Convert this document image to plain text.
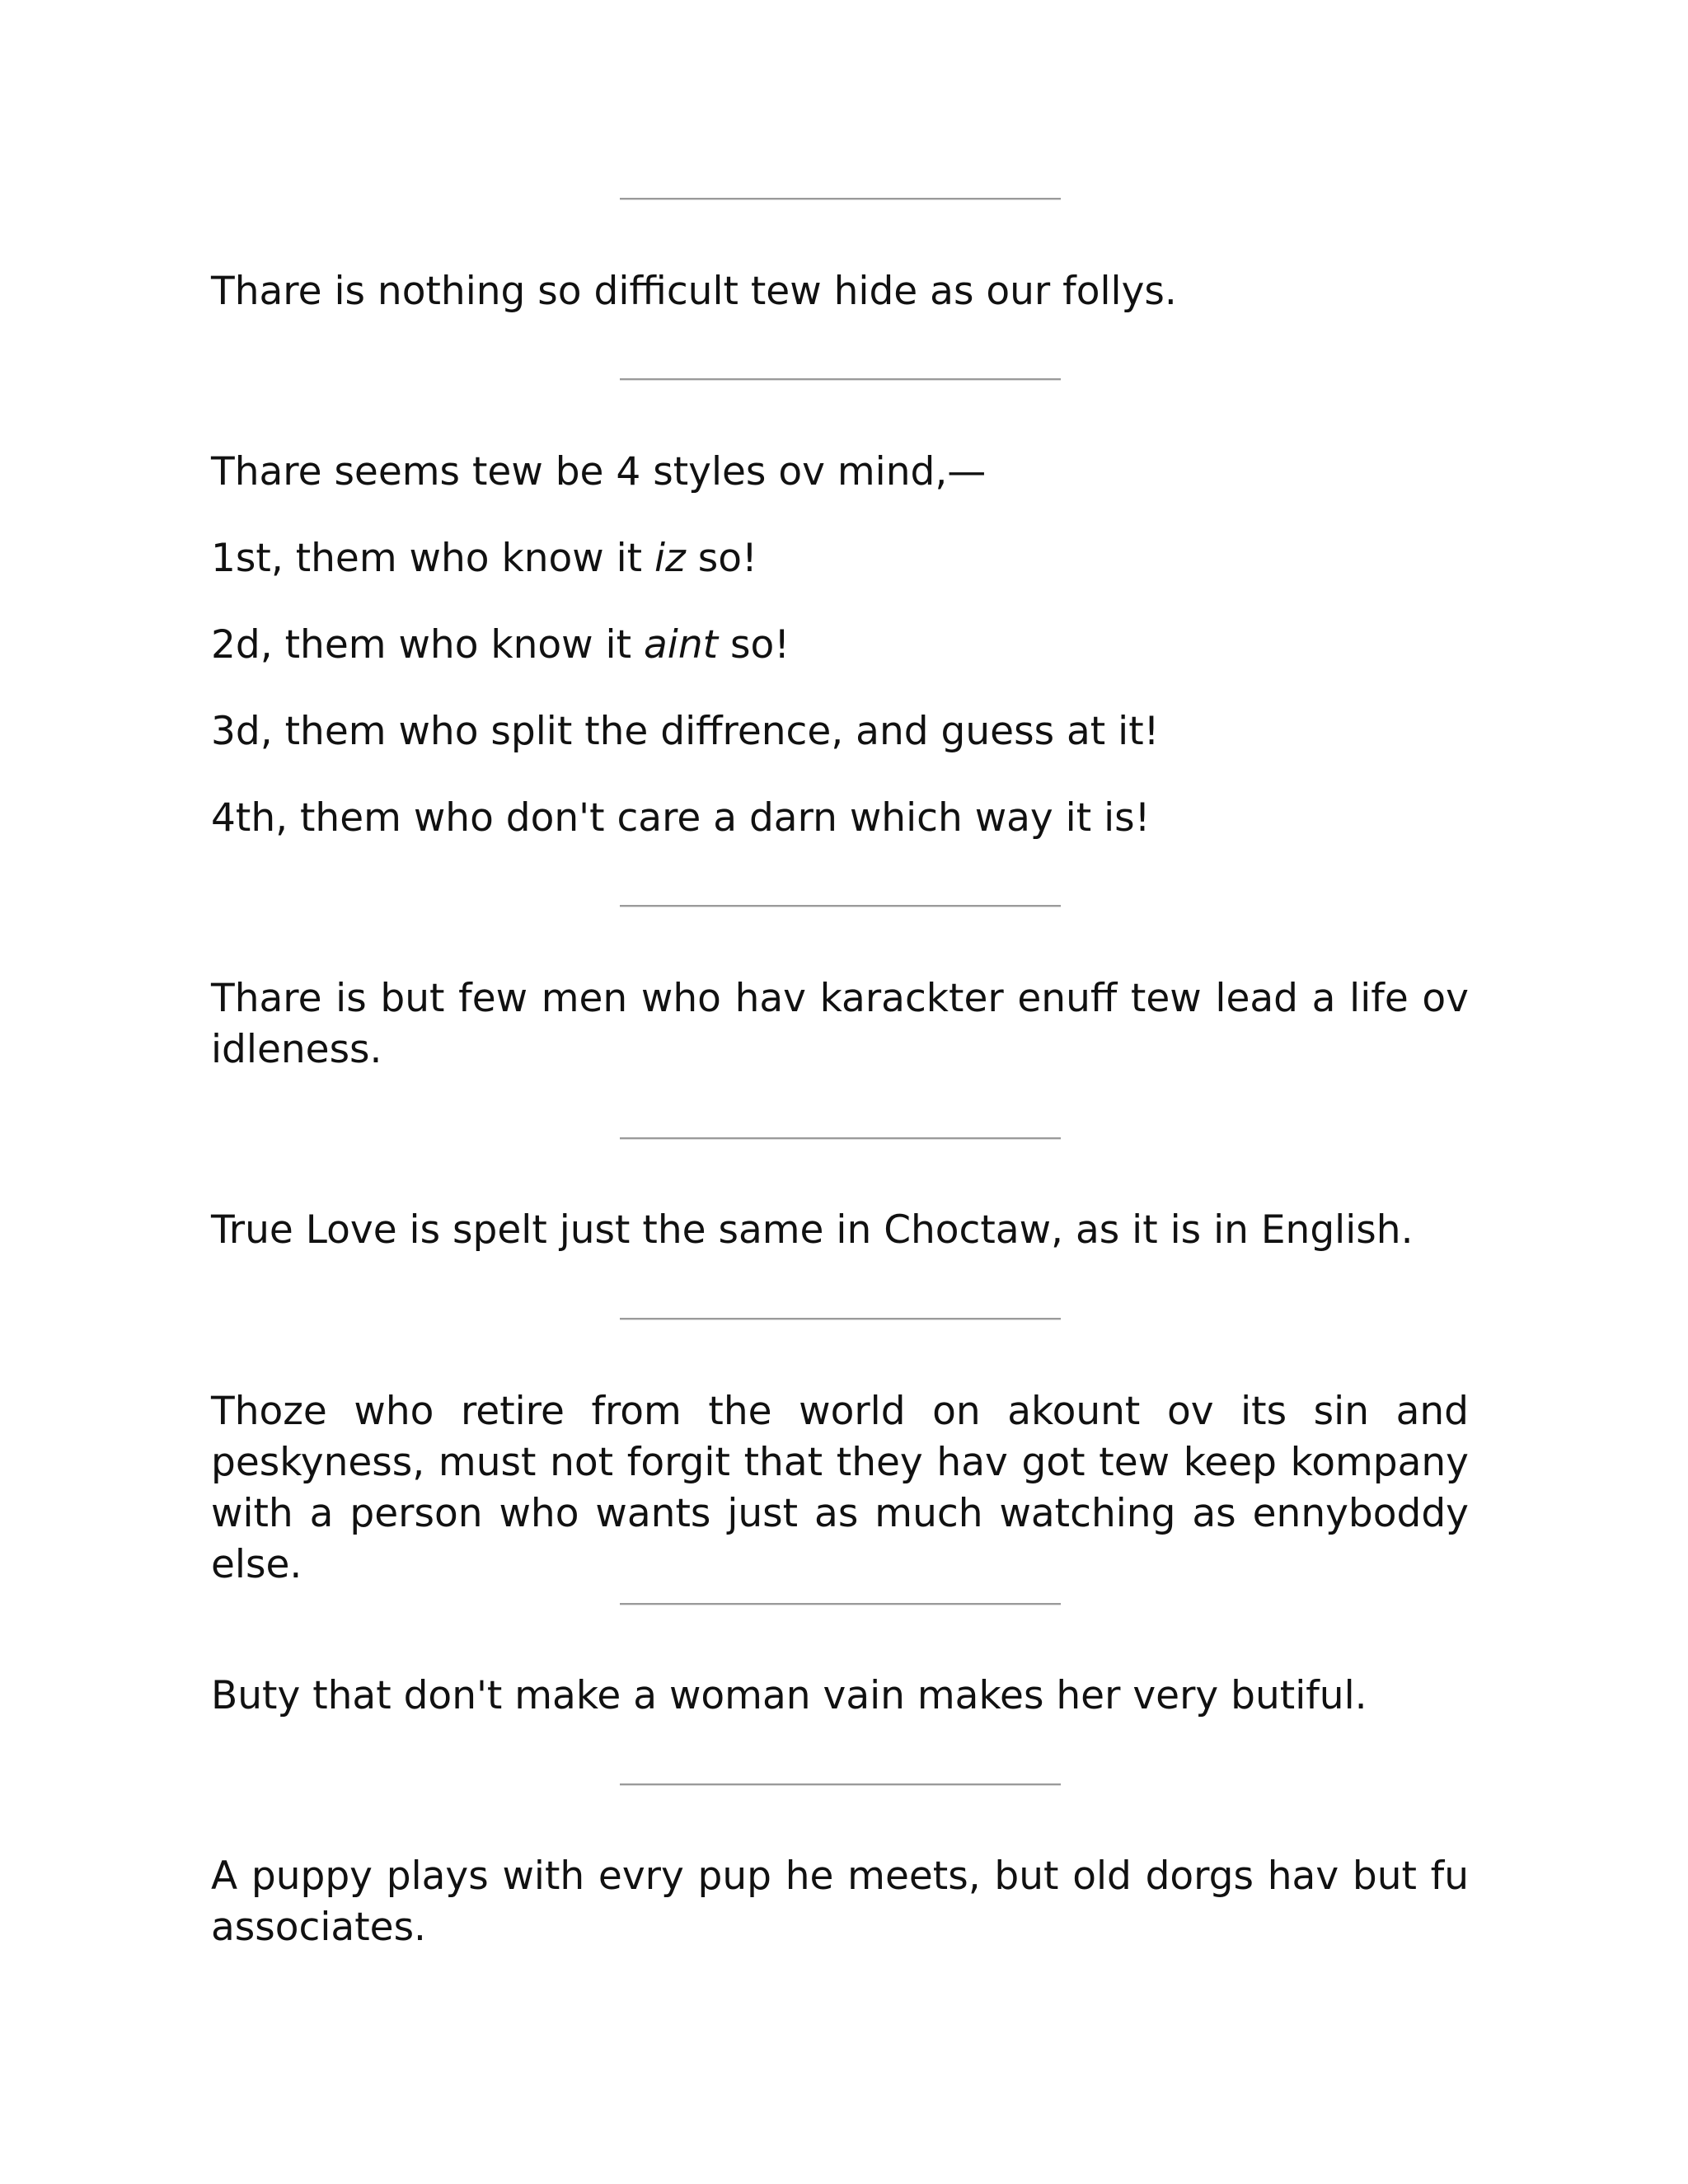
Thare is nothing so difficult tew hide as our follys.

Thare seems tew be 4 styles ov mind,—

1st, them who know it iz so!

2d, them who know it aint so!

3d, them who split the diffrence, and guess at it!

4th, them who don't care a darn which way it is!

Thare is but few men who hav karackter enuff tew lead a life ov idleness.

True Love is spelt just the same in Choctaw, as it is in English.

Thoze who retire from the world on akount ov its sin and peskyness, must not forgit that they hav got tew keep kompany with a person who wants just as much watching as ennyboddy else.

Buty that don't make a woman vain makes her very butiful.

A puppy plays with evry pup he meets, but old dorgs hav but fu associates.
